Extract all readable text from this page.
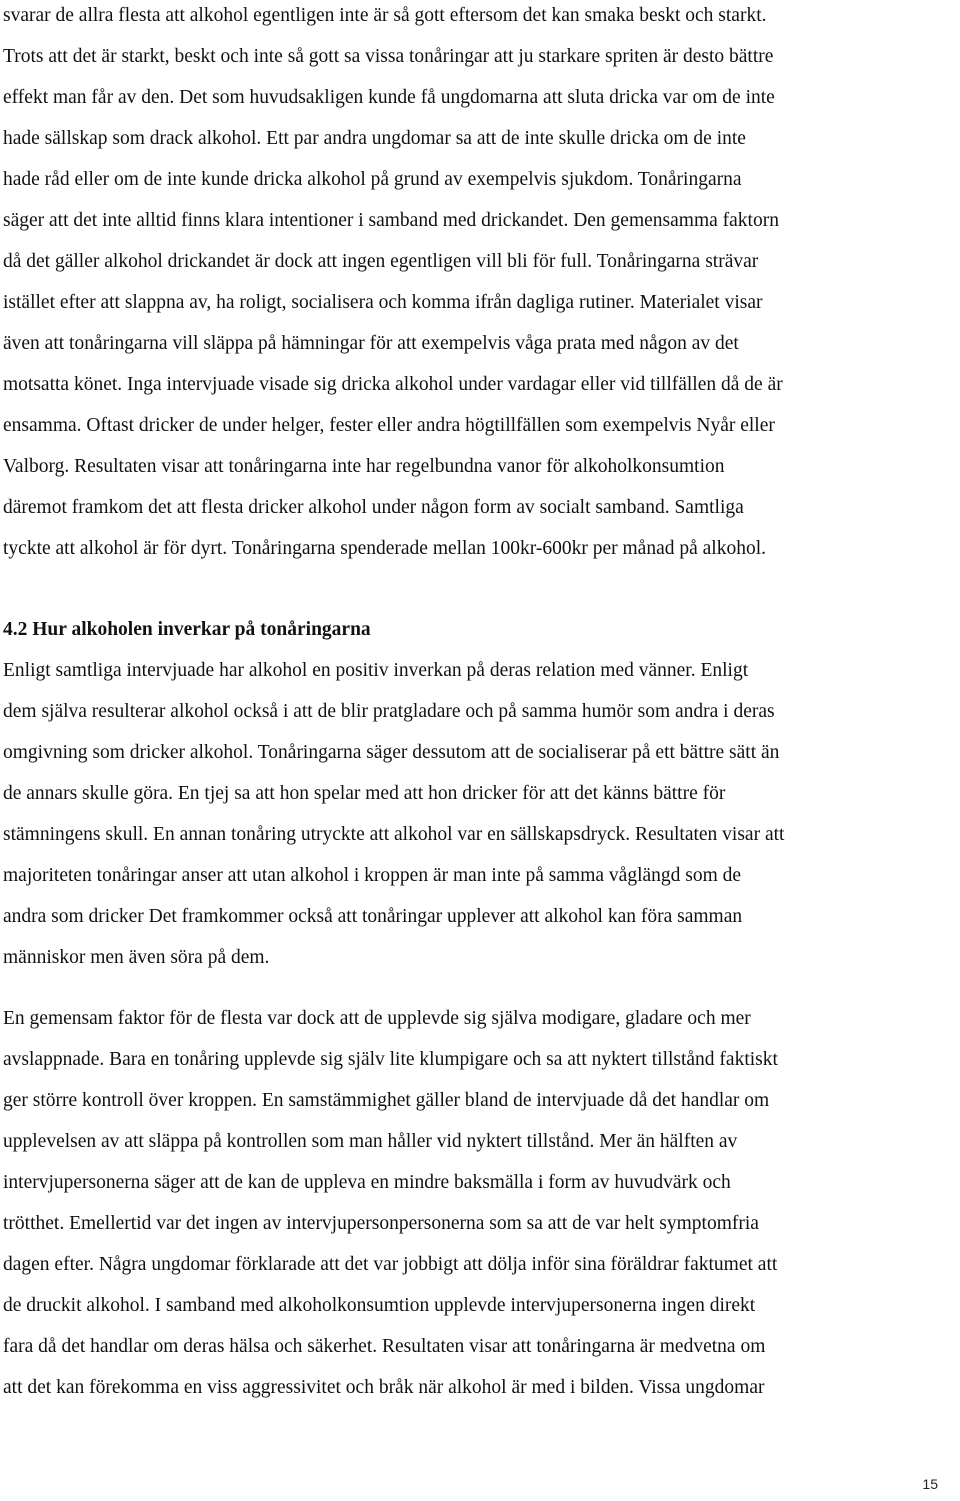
svarar de allra flesta att alkohol egentligen inte är så gott eftersom det kan smaka beskt och starkt.
Trots att det är starkt, beskt och inte så gott sa vissa tonåringar att ju starkare spriten är desto bättre
effekt man får av den. Det som huvudsakligen kunde få ungdomarna att sluta dricka var om de inte
hade sällskap som drack alkohol. Ett par andra ungdomar sa att de inte skulle dricka om de inte
hade råd eller om de inte kunde dricka alkohol på grund av exempelvis sjukdom. Tonåringarna
säger att det inte alltid finns klara intentioner i samband med drickandet. Den gemensamma faktorn
då det gäller alkohol drickandet är dock att ingen egentligen vill bli för full. Tonåringarna strävar
istället efter att slappna av, ha roligt, socialisera och komma ifrån dagliga rutiner. Materialet visar
även att tonåringarna vill släppa på hämningar för att exempelvis våga prata med någon av det
motsatta könet. Inga intervjuade visade sig dricka alkohol under vardagar eller vid tillfällen då de är
ensamma. Oftast dricker de under helger, fester eller andra högtillfällen som exempelvis Nyår eller
Valborg. Resultaten visar att tonåringarna inte har regelbundna vanor för alkoholkonsumtion
däremot framkom det att flesta dricker alkohol under någon form av socialt samband. Samtliga
tyckte att alkohol är för dyrt. Tonåringarna spenderade mellan 100kr-600kr per månad på alkohol.
4.2 Hur alkoholen inverkar på tonåringarna
Enligt samtliga intervjuade har alkohol en positiv inverkan på deras relation med vänner. Enligt
dem själva resulterar alkohol också i att de blir pratgladare och på samma humör som andra i deras
omgivning som dricker alkohol. Tonåringarna säger dessutom att de socialiserar på ett bättre sätt än
de annars skulle göra. En tjej sa att hon spelar med att hon dricker för att det känns bättre för
stämningens skull. En annan tonåring utryckte att alkohol var en sällskapsdryck. Resultaten visar att
majoriteten tonåringar anser att utan alkohol i kroppen är man inte på samma våglängd som de
andra som dricker Det framkommer också att tonåringar upplever att alkohol kan föra samman
människor men även söra på dem.
En gemensam faktor för de flesta var dock att de upplevde sig själva modigare, gladare och mer
avslappnade. Bara en tonåring upplevde sig själv lite klumpigare och sa att nyktert tillstånd faktiskt
ger större kontroll över kroppen. En samstämmighet gäller bland de intervjuade då det handlar om
upplevelsen av att släppa på kontrollen som man håller vid nyktert tillstånd. Mer än hälften av
intervjupersonerna säger att de kan de uppleva en mindre baksmälla i form av huvudvärk och
trötthet. Emellertid var det ingen av intervjupersonpersonerna som sa att de var helt symptomfria
dagen efter. Några ungdomar förklarade att det var jobbigt att dölja inför sina föräldrar faktumet att
de druckit alkohol. I samband med alkoholkonsumtion upplevde intervjupersonerna ingen direkt
fara då det handlar om deras hälsa och säkerhet. Resultaten visar att tonåringarna är medvetna om
att det kan förekomma en viss aggressivitet och bråk när alkohol är med i bilden. Vissa ungdomar
15
